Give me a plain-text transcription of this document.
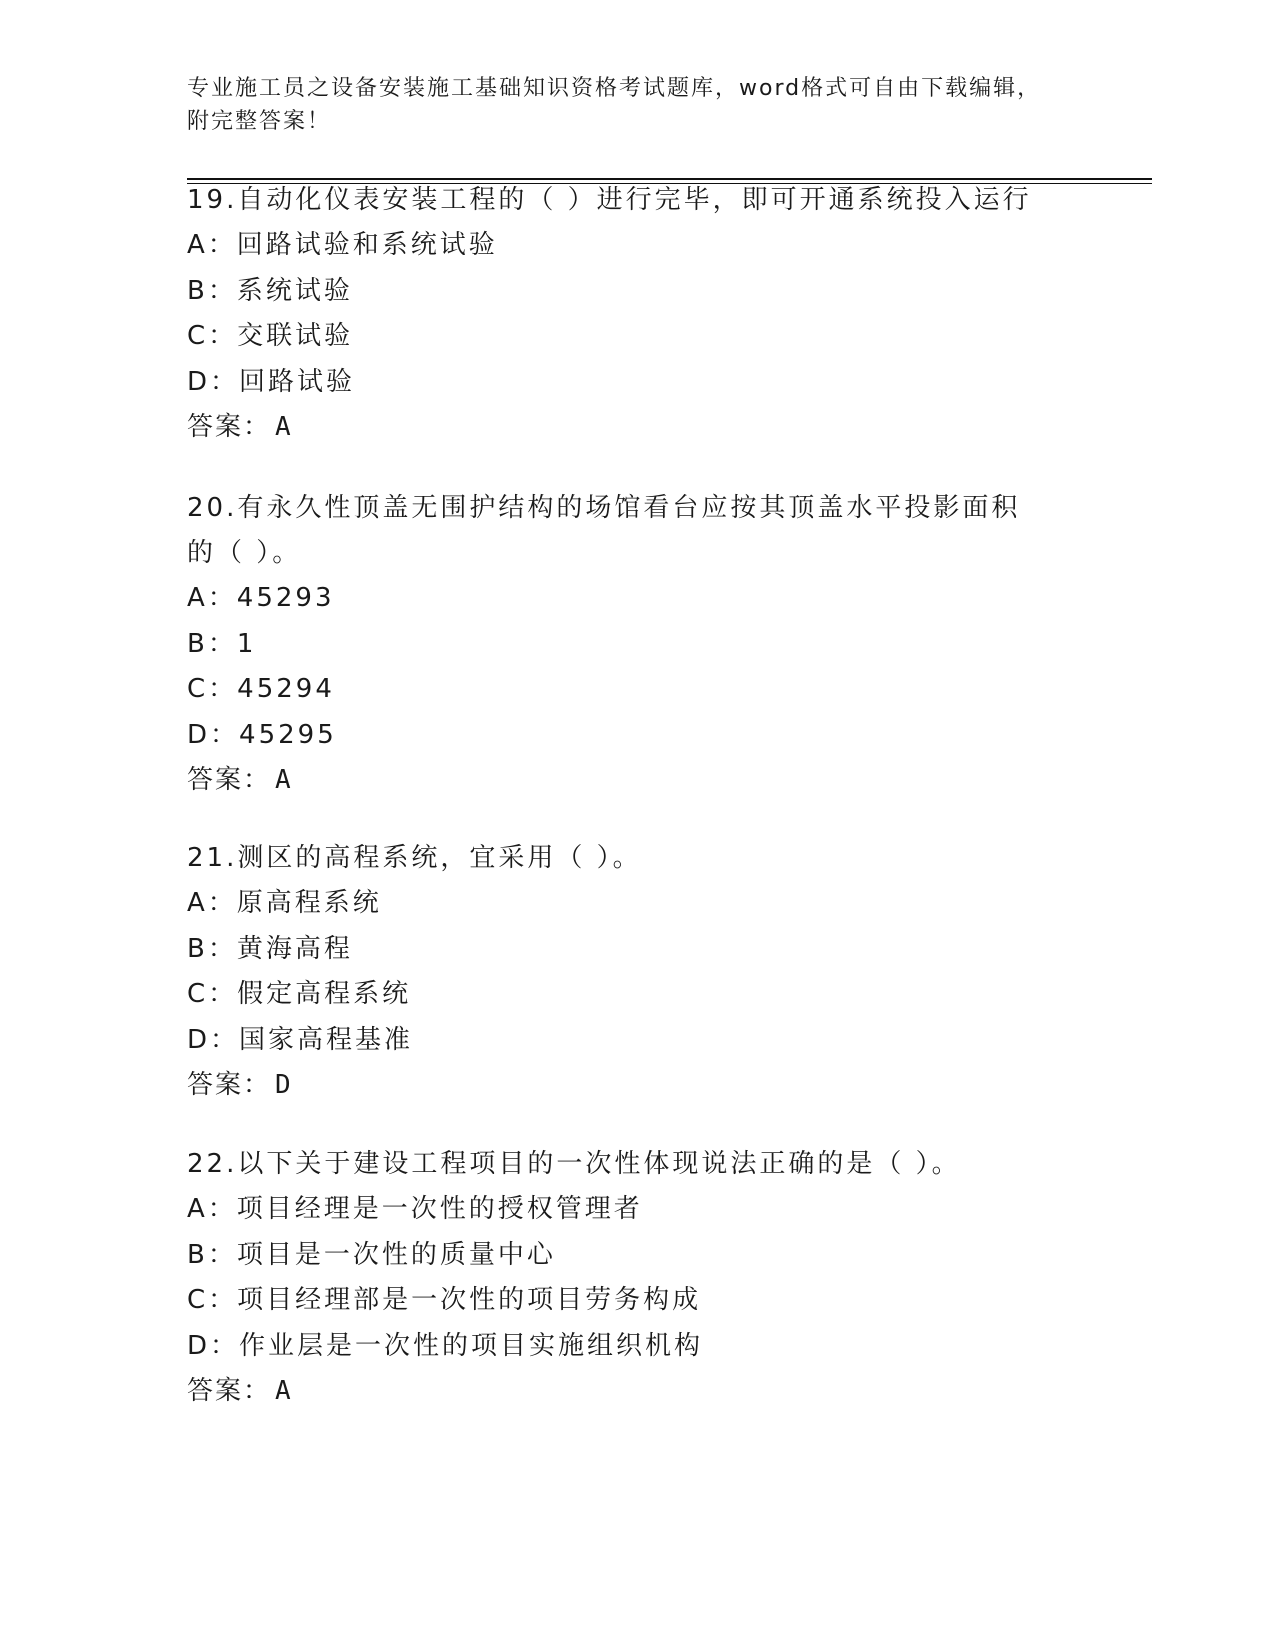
专业施工员之设备安装施工基础知识资格考试题库，word格式可自由下载编辑，
附完整答案！

19.自动化仪表安装工程的（ ）进行完毕，即可开通系统投入运行

A：回路试验和系统试验

B：系统试验

C：交联试验

D：回路试验

答案： A

20.有永久性顶盖无围护结构的场馆看台应按其顶盖水平投影面积的（ ）。

A：45293

B：1

C：45294

D：45295

答案： A

21.测区的高程系统，宜采用（ ）。

A：原高程系统

B：黄海高程

C：假定高程系统

D：国家高程基准

答案： D

22.以下关于建设工程项目的一次性体现说法正确的是（ ）。

A：项目经理是一次性的授权管理者

B：项目是一次性的质量中心

C：项目经理部是一次性的项目劳务构成

D：作业层是一次性的项目实施组织机构

答案： A
